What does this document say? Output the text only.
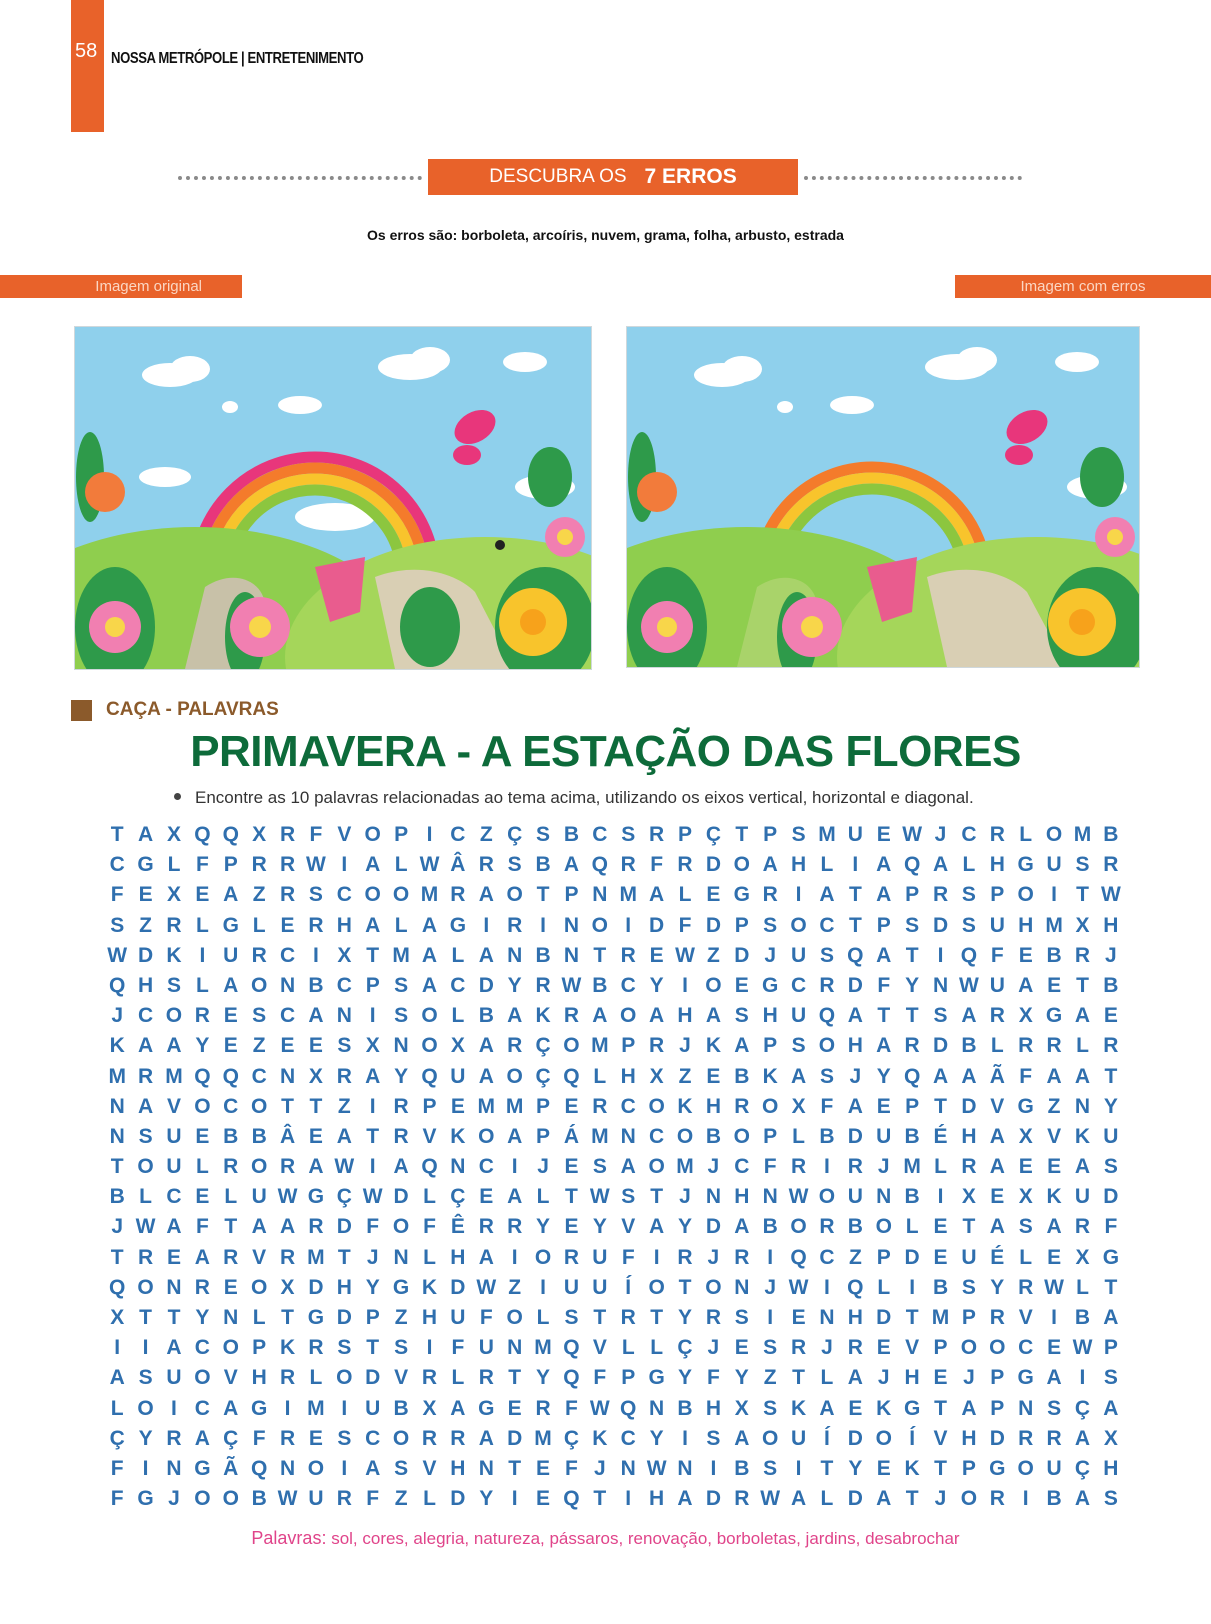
58 NOSSA METRÓPOLE | ENTRETENIMENTO
DESCUBRA OS 7 ERROS
Os erros são: borboleta, arcoíris, nuvem, grama, folha, arbusto, estrada
Imagem original	Imagem com erros
CAÇA - PALAVRAS
PRIMAVERA - A ESTAÇÃO DAS FLORES
Encontre as 10 palavras relacionadas ao tema acima, utilizando os eixos vertical, horizontal e diagonal.
T A X Q Q X R F V O P I C Z Ç S B C S R P Ç T P S M U E W J C R L O M B
C G L F P R R W I A L W Â R S B A Q R F R D O A H L I A Q A L H G U S R
F E X E A Z R S C O O M R A O T P N M A L E G R I A T A P R S P O I T W
S Z R L G L E R H A L A G I R I N O I D F D P S O C T P S D S U H M X H
W D K I U R C I X T M A L A N B N T R E W Z D J U S Q A T I Q F E B R J
Q H S L A O N B C P S A C D Y R W B C Y I O E G C R D F Y N W U A E T B
J C O R E S C A N I S O L B A K R A O A H A S H U Q A T T S A R X G A E
K A A Y E Z E E S X N O X A R Ç O M P R J K A P S O H A R D B L R R L R
M R M Q Q C N X R A Y Q U A O Ç Q L H X Z E B K A S J Y Q A A Ã F A A T
N A V O C O T T Z I R P E M M P E R C O K H R O X F A E P T D V G Z N Y
N S U E B B Â E A T R V K O A P Á M N C O B O P L B D U B É H A X V K U
T O U L R O R A W I A Q N C I J E S A O M J C F R I R J M L R A E E A S
B L C E L U W G Ç W D L Ç E A L T W S T J N H N W O U N B I X E X K U D
J W A F T A A R D F O F Ê R R Y E Y V A Y D A B O R B O L E T A S A R F
T R E A R V R M T J N L H A I O R U F I R J R I Q C Z P D E U É L E X G
Q O N R E O X D H Y G K D W Z I U U Í O T O N J W I Q L I B S Y R W L T
X T T Y N L T G D P Z H U F O L S T R T Y R S I E N H D T M P R V I B A
I	I A C O P K R S T S I F U N M Q V L L Ç J E S R J R E V P O O C E W P
A S U O V H R L O D V R L R T Y Q F P G Y F Y Z T L A J H E J P G A I S
L O I C A G I M I U B X A G E R F W Q N B H X S K A E K G T A P N S Ç A
Ç Y R A Ç F R E S C O R R A D M Ç K C Y I S A O U Í D O Í V H D R R A X
F I N G Ã Q N O I A S V H N T E F J N W N I B S I T Y E K T P G O U Ç H
F G J O O B W U R F Z L D Y I E Q T I H A D R W A L D A T J O R I B A S
Palavras: sol, cores, alegria, natureza, pássaros, renovação, borboletas, jardins, desabrochar
